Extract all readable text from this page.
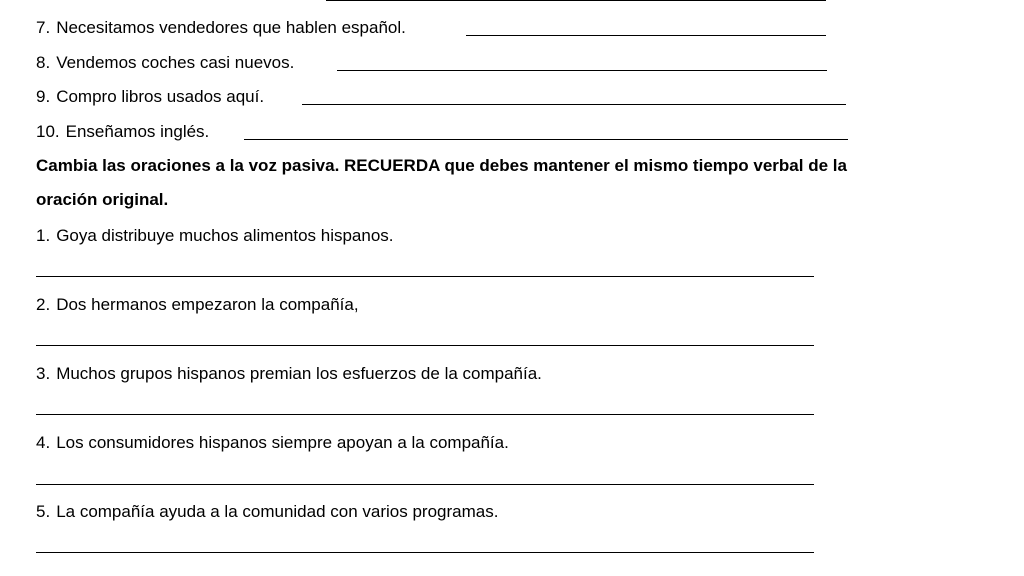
7. Necesitamos vendedores que hablen español.
8. Vendemos coches casi nuevos.
9. Compro libros usados aquí.
10. Enseñamos inglés.
Cambia las oraciones a la voz pasiva. RECUERDA que debes mantener el mismo tiempo verbal de la
oración original.
1. Goya distribuye muchos alimentos hispanos.
2. Dos hermanos empezaron la compañía,
3. Muchos grupos hispanos premian los esfuerzos de la compañía.
4. Los consumidores hispanos siempre apoyan a la compañía.
5. La compañía ayuda a la comunidad con varios programas.
